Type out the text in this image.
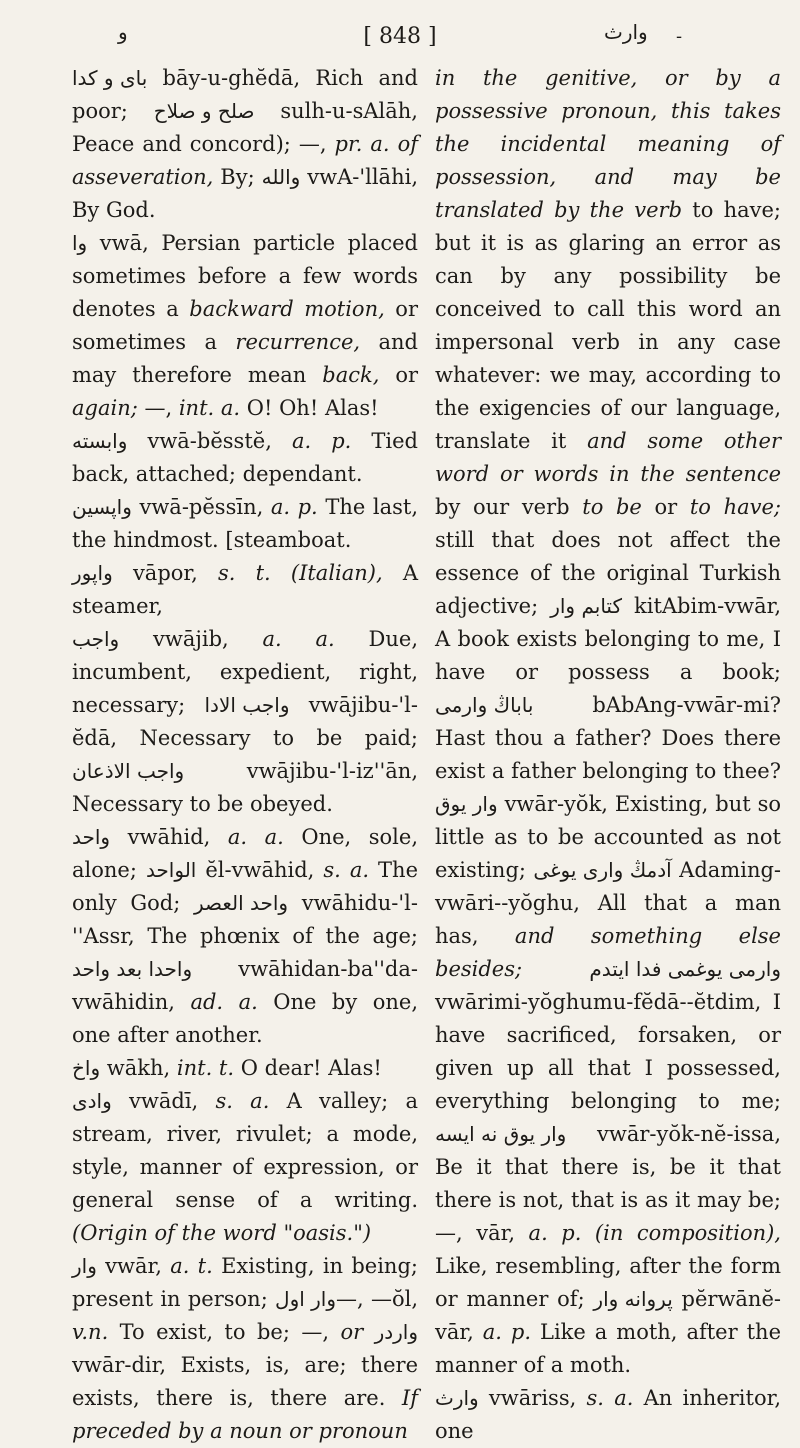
ﻭ	[ 848 ]	ﻭﺍﺭﺙ -

بای و کدا bāy-u-ghĕdā, Rich and poor; صلح و صلاح sulh-u-sAlāh, Peace and concord); —, pr. a. of asseveration, By; والله vwA-'llāhi, By God.

وا vwā, Persian particle placed sometimes before a few words denotes a backward motion, or sometimes a recurrence, and may therefore mean back, or again; —, int. a. O! Oh! Alas!

وابسته vwā-bĕsstĕ, a. p. Tied back, attached; dependant.

واپسین vwā-pĕssīn, a. p. The last, the hindmost. [steamboat.

واپور vāpor, s. t. (Italian), A steamer,

واجب vwājib, a. a. Due, incumbent, expedient, right, necessary; واجب الادا vwājibu-'l-ĕdā, Necessary to be paid; واجب الاذعان vwājibu-'l-iz''ān, Necessary to be obeyed.

واحد vwāhid, a. a. One, sole, alone; الواحد ĕl-vwāhid, s. a. The only God; واحد العصر vwāhidu-'l-''Assr, The phœnix of the age; واحدا بعد واحد vwāhidan-ba''da-vwāhidin, ad. a. One by one, one after another.

واخ wākh, int. t. O dear! Alas!

وادی vwādī, s. a. A valley; a stream, river, rivulet; a mode, style, manner of expression, or general sense of a writing. (Origin of the word "oasis.")

وار vwār, a. t. Existing, in being; present in person; وار اول—, —ŏl, v.n. To exist, to be; —, or واردر vwār-dir, Exists, is, are; there exists, there is, there are. If preceded by a noun or pronoun

in the genitive, or by a possessive pronoun, this takes the incidental meaning of possession, and may be translated by the verb to have; but it is as glaring an error as can by any possibility be conceived to call this word an impersonal verb in any case whatever: we may, according to the exigencies of our language, translate it and some other word or words in the sentence by our verb to be or to have; still that does not affect the essence of the original Turkish adjective; کتابم وار kitAbim-vwār, A book exists belonging to me, I have or possess a book; باباڭ وارمی bAbAng-vwār-mi? Hast thou a father? Does there exist a father belonging to thee? وار یوق vwār-yŏk, Existing, but so little as to be accounted as not existing; آدمڭ وارى یوغى Adaming-vwāri--yŏghu, All that a man has, and something else besides;	وارمى یوغمى فدا ایتدم vwārimi-yŏghumu-fĕdā--ĕtdim, I have sacrificed, forsaken, or given up all that I possessed, everything belonging to me; وار یوق نه ایسه vwār-yŏk-nĕ-issa, Be it that there is, be it that there is not, that is as it may be; —, vār, a. p. (in composition), Like, resembling, after the form or manner of; پروانه وار pĕrwānĕ-vār, a. p. Like a moth, after the manner of a moth.

وارث vwāriss, s. a. An inheritor, one
